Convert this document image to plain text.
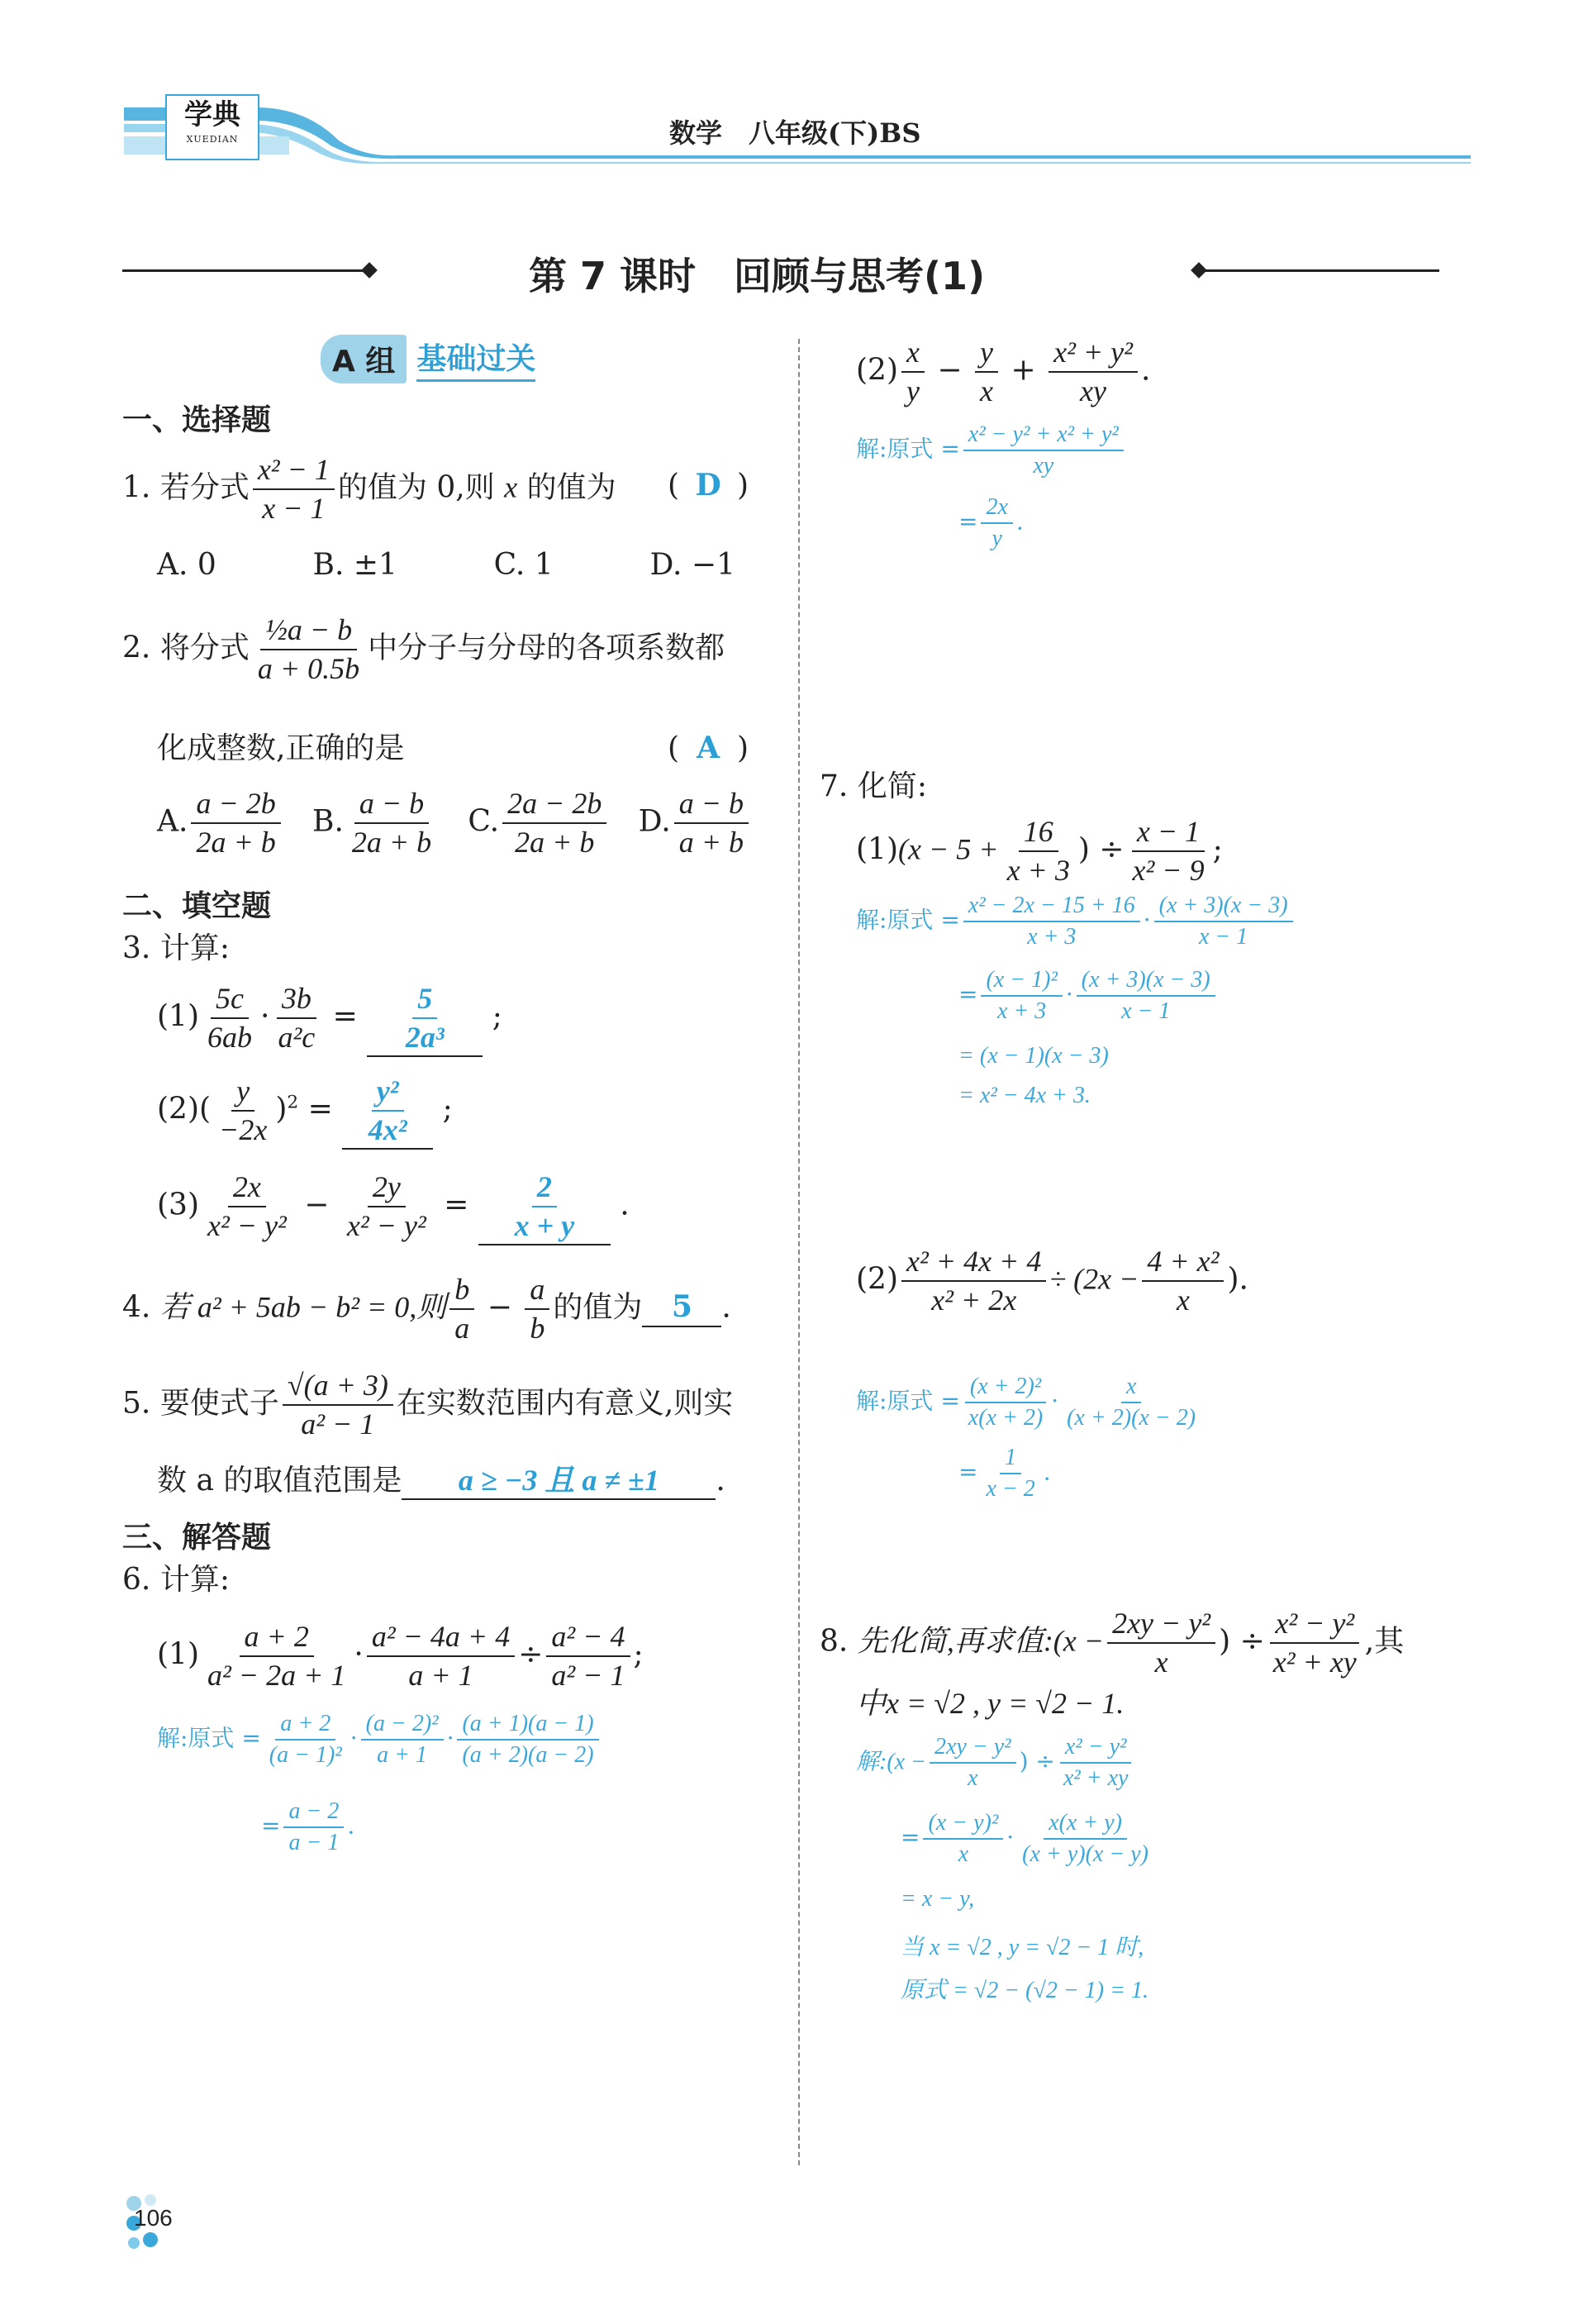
学典
XUEDIAN	数学　八年级(下)BS
第 7 课时　回顾与思考(1)
A 组 基础过关
一、选择题
1. 若分式 $\frac{\text{x² − 1}}{x - 1}$ 的值为 0,则 x 的值为 ( D )
A. 0	B. ±1	C. 1	D. −1
2. 将分式 $\frac{\text{½a − b}}{a + 0.5b}$ 中分子与分母的各项系数都
化成整数,正确的是	( A )
A. $\frac{a - 2b}{2a + b} B$. $\frac{a - b}{2a + b} C$. $\frac{2a - 2b}{2a + b} D$. $\frac{a - b}{a + b}$
二、填空题
3. 计算:
$(1) \frac{5c}{6ab} \cdot \frac{3b}{\text{a²c}} = \frac{5}{\text{2a³}}$ ;
$(2)( \frac{y}{-2x} )^2 = \frac{\text{y²}}{\text{4x²}}$ ;
$(3) \frac{2x}{\text{x² − y²}} - \frac{2y}{\text{x² − y²}} = \frac{2}{x + y}$ .
4. 若 a² + 5ab − b² = 0,则 $\frac{b}{a} - \frac{a}{b}$ 的值为 5 .
5. 要使式子 $\frac{√(a + 3)}{\text{a² − 1}}$ 在实数范围内有意义,则实
数 a 的取值范围是 a ≥ −3 且 a ≠ ±1 .
三、解答题
6. 计算:
$(1) \frac{a + 2}{\text{a² − 2a + 1}} \cdot \frac{\text{a² − 4a + 4}}{a + 1} \div \frac{\text{a² − 4}}{\text{a² − 1}}$ ;
解:原式 = $\frac{a + 2}{\text{(a − 1)²}} \cdot \frac{\text{(a − 2)²}}{a + 1} \cdot \frac{(a + 1)(a - 1)}{(a + 2)(a - 2)}$
= $\frac{a - 2}{a - 1}$ .
$(2) \frac{x}{y} - \frac{y}{x} + \frac{\text{x² + y²}}{xy}$ .
解:原式 = $\frac{\text{x² − y² + x² + y²}}{xy}$
= $\frac{2x}{y}$ .
7. 化简:
$(1)(x - 5 + \frac{16}{x + 3}$ ) ÷ $\frac{x - 1}{\text{x² − 9}}$ ;
解:原式 = $\frac{\text{x² − 2x − 15 + 16}}{x + 3} \cdot \frac{(x + 3)(x - 3)}{x - 1}$
= $\frac{\text{(x − 1)²}}{x + 3} \cdot \frac{(x + 3)(x - 3)}{x - 1}$
= (x − 1)(x − 3)
= x² − 4x + 3.
$(2) \frac{\text{x² + 4x + 4}}{\text{x² + 2x}} \div (2x - \frac{\text{4 + x²}}{x}$ ).
解:原式 = $\frac{\text{(x + 2)²}}{x(x + 2)} \cdot \frac{x}{(x + 2)(x - 2)}$
= $\frac{1}{x - 2}$ .
8. 先化简,再求值:(x − $\frac{\text{2xy − y²}}{x}$ ) ÷ $\frac{\text{x² − y²}}{\text{x² + xy}}$ ,其
中x = √2 , y = √2 − 1.
解:(x − $\frac{\text{2xy − y²}}{x}$ ) ÷ $\frac{\text{x² − y²}}{\text{x² + xy}}$
= $\frac{\text{(x − y)²}}{x} \cdot \frac{x(x + y)}{(x + y)(x - y)}$
= x − y,
当 x = √2 , y = √2 − 1 时,
原式 = √2 − (√2 − 1) = 1.
106
